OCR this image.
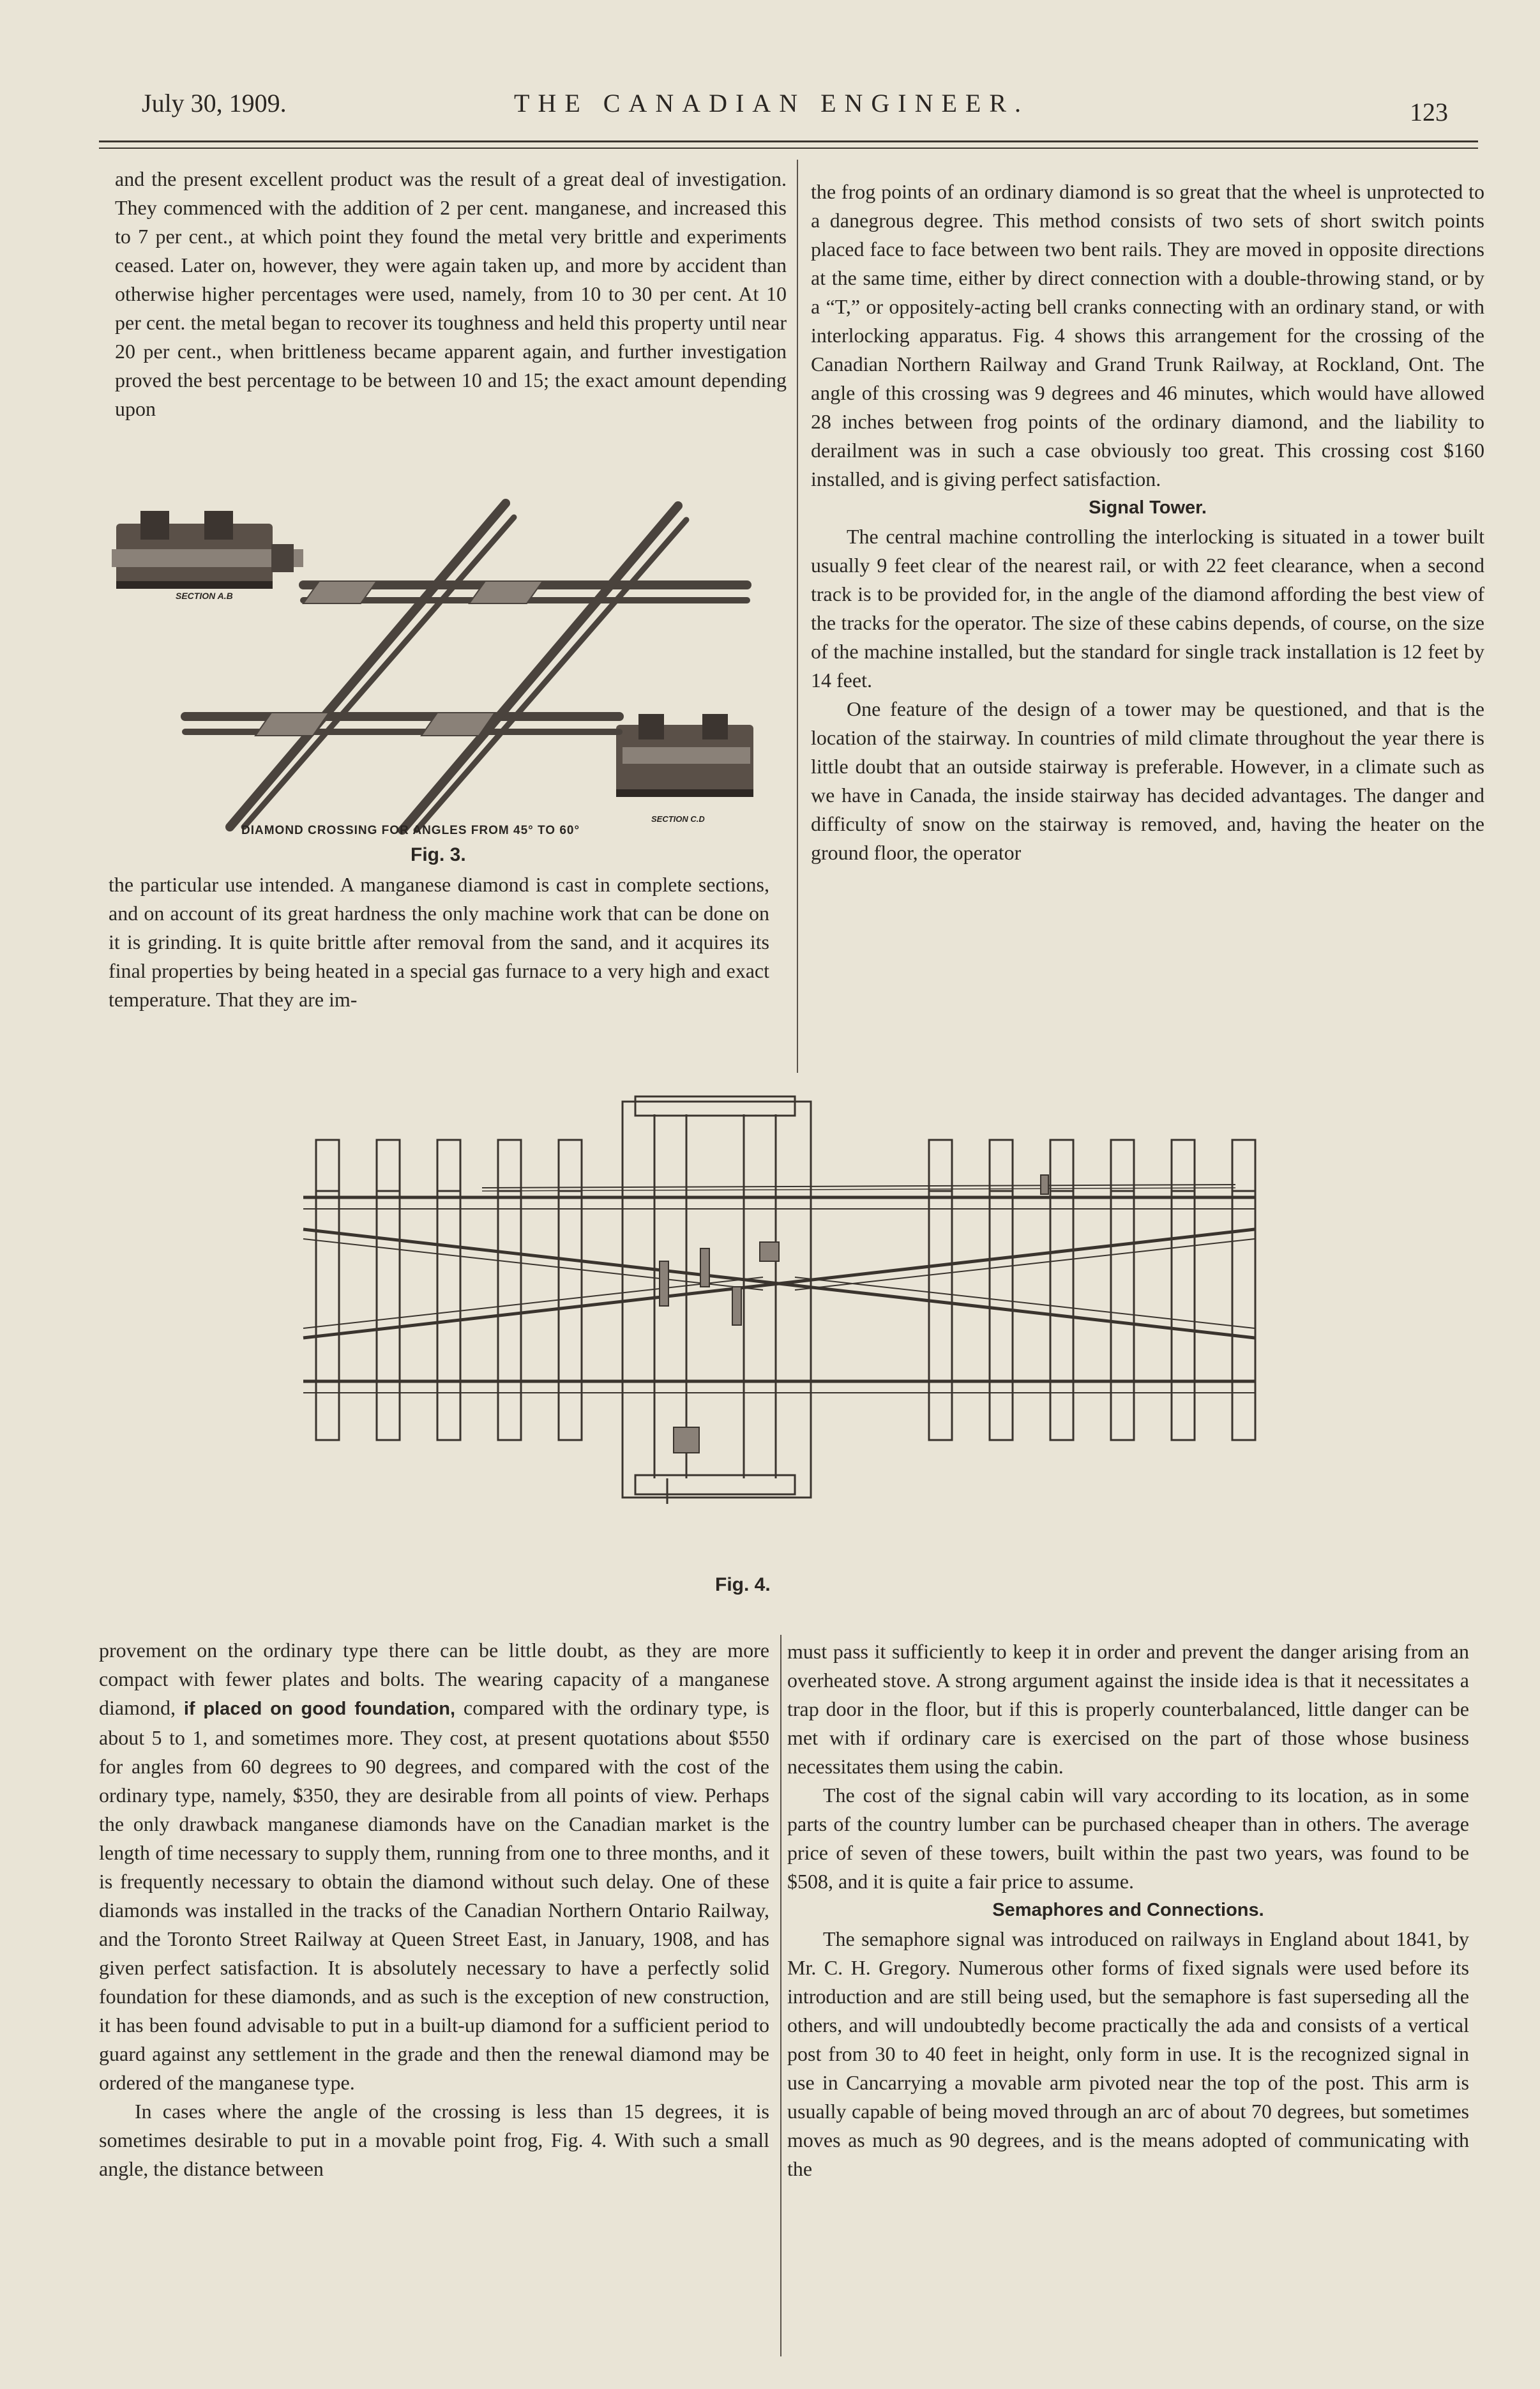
July 30, 1909.	THE CANADIAN ENGINEER.	123

and the present excellent product was the result of a great deal of investigation. They commenced with the addition of 2 per cent. manganese, and increased this to 7 per cent., at which point they found the metal very brittle and experiments ceased. Later on, however, they were again taken up, and more by accident than otherwise higher percentages were used, namely, from 10 to 30 per cent. At 10 per cent. the metal began to recover its toughness and held this property until near 20 per cent., when brittleness became apparent again, and further investigation proved the best percentage to be between 10 and 15; the exact amount depending upon

SECTION A.B
SECTION C.D
DIAMOND CROSSING FOR ANGLES FROM 45° TO 60°
Fig. 3.

the particular use intended. A manganese diamond is cast in complete sections, and on account of its great hardness the only machine work that can be done on it is grinding. It is quite brittle after removal from the sand, and it acquires its final properties by being heated in a special gas furnace to a very high and exact temperature. That they are im-

the frog points of an ordinary diamond is so great that the wheel is unprotected to a danegrous degree. This method consists of two sets of short switch points placed face to face between two bent rails. They are moved in opposite directions at the same time, either by direct connection with a double-throwing stand, or by a “T,” or oppositely-acting bell cranks connecting with an ordinary stand, or with interlocking apparatus. Fig. 4 shows this arrangement for the crossing of the Canadian Northern Railway and Grand Trunk Railway, at Rockland, Ont. The angle of this crossing was 9 degrees and 46 minutes, which would have allowed 28 inches between frog points of the ordinary diamond, and the liability to derailment was in such a case obviously too great. This crossing cost $160 installed, and is giving perfect satisfaction.

Signal Tower.

The central machine controlling the interlocking is situated in a tower built usually 9 feet clear of the nearest rail, or with 22 feet clearance, when a second track is to be provided for, in the angle of the diamond affording the best view of the tracks for the operator. The size of these cabins depends, of course, on the size of the machine installed, but the standard for single track installation is 12 feet by 14 feet.

One feature of the design of a tower may be questioned, and that is the location of the stairway. In countries of mild climate throughout the year there is little doubt that an outside stairway is preferable. However, in a climate such as we have in Canada, the inside stairway has decided advantages. The danger and difficulty of snow on the stairway is removed, and, having the heater on the ground floor, the operator

Fig. 4.

provement on the ordinary type there can be little doubt, as they are more compact with fewer plates and bolts. The wearing capacity of a manganese diamond, if placed on good foundation, compared with the ordinary type, is about 5 to 1, and sometimes more. They cost, at present quotations about $550 for angles from 60 degrees to 90 degrees, and compared with the cost of the ordinary type, namely, $350, they are desirable from all points of view. Perhaps the only drawback manganese diamonds have on the Canadian market is the length of time necessary to supply them, running from one to three months, and it is frequently necessary to obtain the diamond without such delay. One of these diamonds was installed in the tracks of the Canadian Northern Ontario Railway, and the Toronto Street Railway at Queen Street East, in January, 1908, and has given perfect satisfaction. It is absolutely necessary to have a perfectly solid foundation for these diamonds, and as such is the exception of new construction, it has been found advisable to put in a built-up diamond for a sufficient period to guard against any settlement in the grade and then the renewal diamond may be ordered of the manganese type.

In cases where the angle of the crossing is less than 15 degrees, it is sometimes desirable to put in a movable point frog, Fig. 4. With such a small angle, the distance between

must pass it sufficiently to keep it in order and prevent the danger arising from an overheated stove. A strong argument against the inside idea is that it necessitates a trap door in the floor, but if this is properly counterbalanced, little danger can be met with if ordinary care is exercised on the part of those whose business necessitates them using the cabin.

The cost of the signal cabin will vary according to its location, as in some parts of the country lumber can be purchased cheaper than in others. The average price of seven of these towers, built within the past two years, was found to be $508, and it is quite a fair price to assume.

Semaphores and Connections.

The semaphore signal was introduced on railways in England about 1841, by Mr. C. H. Gregory. Numerous other forms of fixed signals were used before its introduction and are still being used, but the semaphore is fast superseding all the others, and will undoubtedly become practically the ada and consists of a vertical post from 30 to 40 feet in height, only form in use. It is the recognized signal in use in Cancarrying a movable arm pivoted near the top of the post. This arm is usually capable of being moved through an arc of about 70 degrees, but sometimes moves as much as 90 degrees, and is the means adopted of communicating with the
